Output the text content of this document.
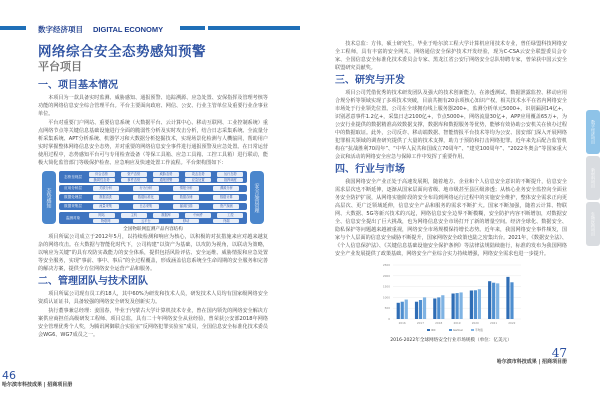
数字经济项目 DIGITAL ECONOMY
网络综合安全态势感知预警
平台项目
一、项目基本情况

本项目为一款具备实时监测、威胁感知、通报预警、追踪溯源、应急处置、安保指挥及管理考核等功能的网络信息安全综合管理平台。平台主要面向政府、网信、公安、行业主管单位及重要行业企事业单位。

平台对重要门户网站、重要信息系统（大数据平台、云计算中心、移动互联网、工业控制系统）重点网络节点等关键信息基础设施进行全面的脆弱性分析及实时攻击分析，结合日志采集系统、全流量分析采集系统、APT分析系统、机器学习和大数据分析挖掘技术，实现场景化检测与人機協同，帮助用户实时掌握整体网络信息安全态势，并对重要的网络信息安全事件进行通报预警及应急处置。在日常运营使用过程中，态势感知平台可与专用检查设备（等保工具箱、应急工具箱、工控工具箱）进行联动，能极大简化监管部门等级保护检查、应急响应及快速处置工作流程。平台架构图如下：

态势感知
态势呈现层
综合态势	资产态势	威胁态势	攻击态势	运行态势
脆弱性态势	事件态势	通报预警	应急处置	指挥调度
应用分析层	关联分析	行为分析	情报分析	溯源分析
数据处理层	数据清洗	数据标准化	数据存储	数据计算
数据采集层	流量采集	日志采集	漏洞扫描	资产探测
监测对象
网站	主机	数据库	中间件	工控
物联网	云平台	移动	终端
安全运营管理
全国物联网监测产品内容结构

项目所属公司成立于2012年5月，以持续检测和响应为核心，以积极的对抗措施来应对越来越复杂的网络攻击。在大数据与智能化时代下，公司构建“以资产为基础，以攻防为视角，以联动为策略，以响应为关键”的具有攻防实战能力的安全体系，提供包括风险评估、安全运维、威胁情报和应急处置等安全服务，实现“事前、事中、事后”的全过程覆盖，形成涵盖信息系统全生命周期的安全服务和完善的解决方案，提供全方位网络安全运营产品和服务。

二、管理团队与技术团队

项目所属公司现有员工约18人，其中60%为研发和技术人员，研发技术人员均有国家级网络安全资质认证证书，具备较强的网络安全研发及创新实力。

执行董事兼总经理：姜国春，毕业于内蒙古大学计算机技术专业，曾在国内领先的网络安全解决方案供应商担任高级研发工程师、项目总监，具有二十年网络安全从业经验，曾荣获公安部2018年网络安全管理优秀个人奖，为腾讯网御联合实验室“反网络犯罪实验室”成员，全国信息安全标准化技术委员会WG6、WG7成员之一。

46
哈尔滨市科技成果 | 招商项目册

技术总监：方伟，硕士研究生，毕业于哈尔滨工程大学计算机应用技术专业，曾任绿盟科技网络安全工程师，具有丰富的安全网关、网络通信安全保护技术开发经验，现为C-CSA云安全联盟委员会专家、全国信息安全标准化技术委员会专家、黑龙江省公安厅网络安全总队特聘专家，曾荣获中国云安全联盟研究贡献奖。

三、研究与开发

项目公司凭借优秀的技术研发团队及强大的技术创新能力，在渗透测试、数据泄露监控、移动应用合规分析等领域实现了多项技术突破，目前共拥有20余项核心知识产权，相关技术水平在省内网络安全市场处于行业领先位置。公司在全球拥有线上服务器200+，监测分析单元5000+，识别漏洞14亿+，识别恶意事件1.2亿+，采集日志2100亿+，节点5000+，网络流量30亿+，APP应用覆盖65万+，为公安行业提供的数据精准高效数据支撑，数据库和数据服务等优势，能够有效协助公安机关在侦办过程中的数据取证。此外，公司反诈、移动端数据、智能情报平台技术等均为公安、国安部门深入开展网络犯罪相关领域的调查研究提供了大量的技术支撑，助力于预防和打击网络犯罪。近年来先后配合监管机构在“抗战胜利70周年”、“中华人民共和国成立70周年”、“建党100周年”、“2022冬奥会”等国家重大会议和活动的网络安全应急与保障工作中发挥了重要作用。

四、行业与市场

我国网络安全产业正处于高速发展期，随着地方、企业和个人信息安全意识的不断提升，信息安全需求层次也不断延伸，逐渐从国家层面向省级、地市级甚至县区级渗透；从核心业务安全监控向全面业务安全防护扩展，从网络实施阶段的安全布局到网络运行过程中的实施安全维护，整体安全需求正向更高层次、更广泛领域延伸，信息安全产品和服务的需求不断扩大。国家不断加强，随着云计算、物联网、大数据、5G等新兴技术的兴起，网络信息安全边界不断模糊，安全防护内容不断增加，对数据安全、信息安全提出了巨大挑战，也为网络信息安全市场打开了新的增量空间。经济全球化、数据安全、隐私保护等问题越来越被重视，网络安全市场规模保持增长态势。近年来，我国网络安全事件频发，国家与个人层面的信息安全威胁不断提升，国家网络安全政策也陆之密集出台。2021年，《数据安全法》、《个人信息保护法》、《关键信息基础设施安全保护条例》等法律法规陆续施行，标准的发布为我国网络安全产业发展提供了政策基础，网络安全产业综合实力持续增强，网络安全需求也进一步提升。

0
500
1000
1500
2000
2500
2016	2017	2018	2019	2020	2021	2022
IDC	Gartner	平均值
2016-2022年全球网络安全行业市场规模（单位：亿美元）
47
哈尔滨市科技成果 | 招商项目册
数字经济项目
新材料项目
生物医药项目
